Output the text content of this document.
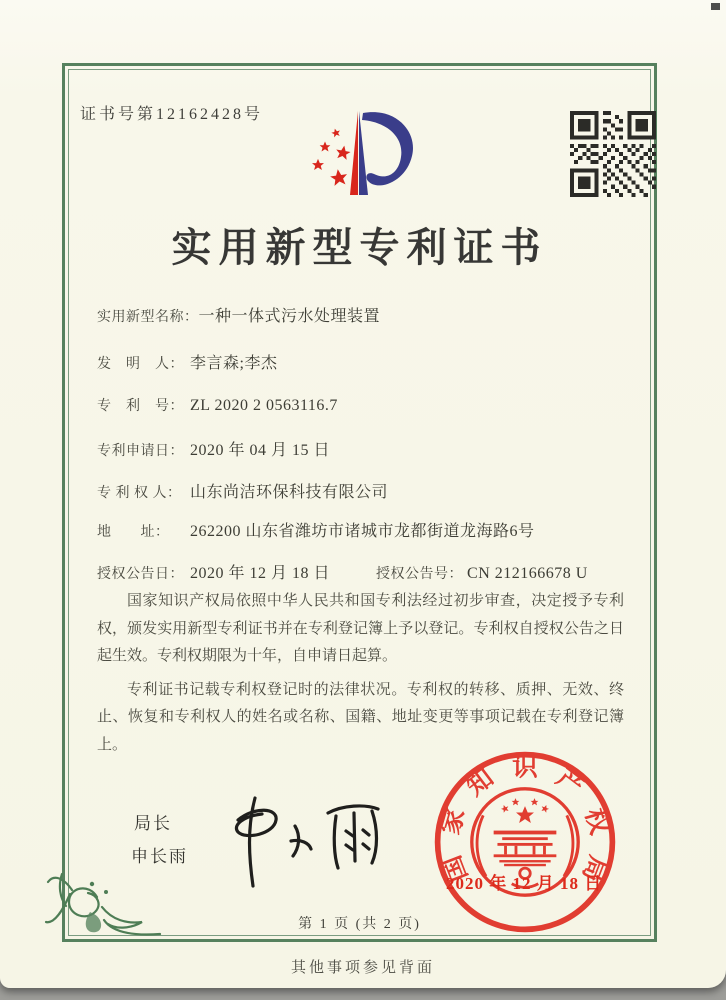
证书号第12162428号
实用新型专利证书
实用新型名称：一种一体式污水处理装置
发　明　人： 李言森;李杰
专　利　号： ZL 2020 2 0563116.7
专利申请日： 2020 年 04 月 15 日
专 利 权 人： 山东尚洁环保科技有限公司
地　　址： 262200 山东省潍坊市诸城市龙都街道龙海路6号
授权公告日： 2020 年 12 月 18 日	授权公告号： CN 212166678 U

国家知识产权局依照中华人民共和国专利法经过初步审查，决定授予专利权，颁发实用新型专利证书并在专利登记簿上予以登记。专利权自授权公告之日起生效。专利权期限为十年，自申请日起算。

专利证书记载专利权登记时的法律状况。专利权的转移、质押、无效、终止、恢复和专利权人的姓名或名称、国籍、地址变更等事项记载在专利登记簿上。

局长
申长雨	国
家
知 识 产
权
局
2020 年 12 月 18 日
第 1 页 (共 2 页)
其他事项参见背面
